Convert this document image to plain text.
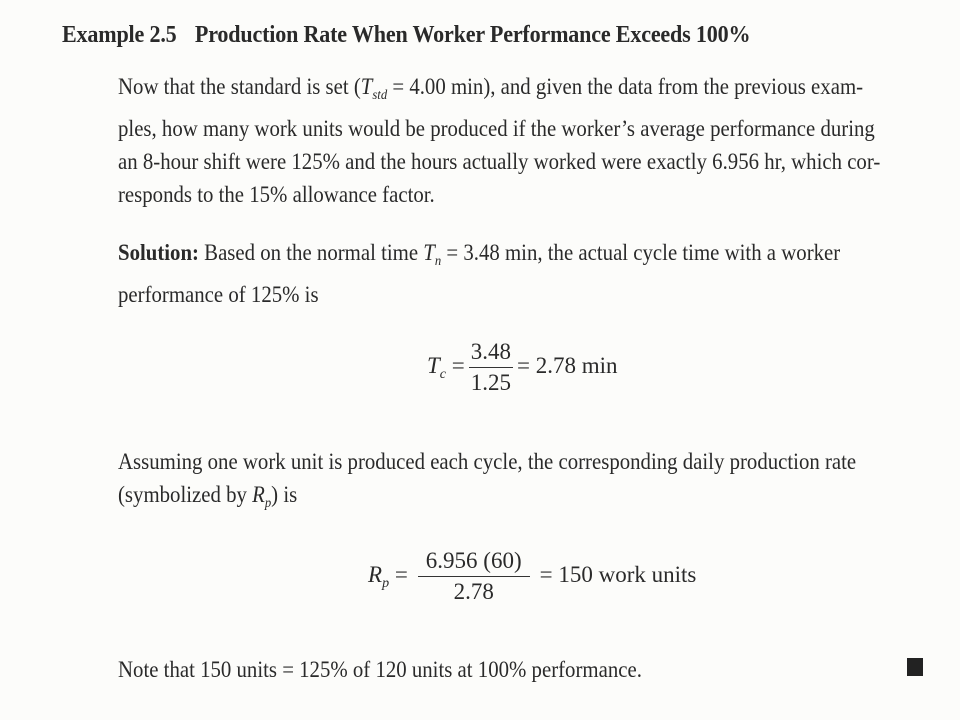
Example 2.5 Production Rate When Worker Performance Exceeds 100%
Now that the standard is set ($T_{std} = 4.00$ min), and given the data from the previous exam-
ples, how many work units would be produced if the worker’s average performance during
an 8-hour shift were 125% and the hours actually worked were exactly 6.956 hr, which cor-
responds to the 15% allowance factor.
Solution: Based on the normal time $T_n = 3.48$ min, the actual cycle time with a worker
performance of 125% is
$T_c = \frac{3.48}{1.25} = 2.78$ min
Assuming one work unit is produced each cycle, the corresponding daily production rate
(symbolized by $R_p$) is
$R_p = \frac{6.956 (60)}{2.78} = 150$ work units
Note that 150 units = 125% of 120 units at 100% performance.
